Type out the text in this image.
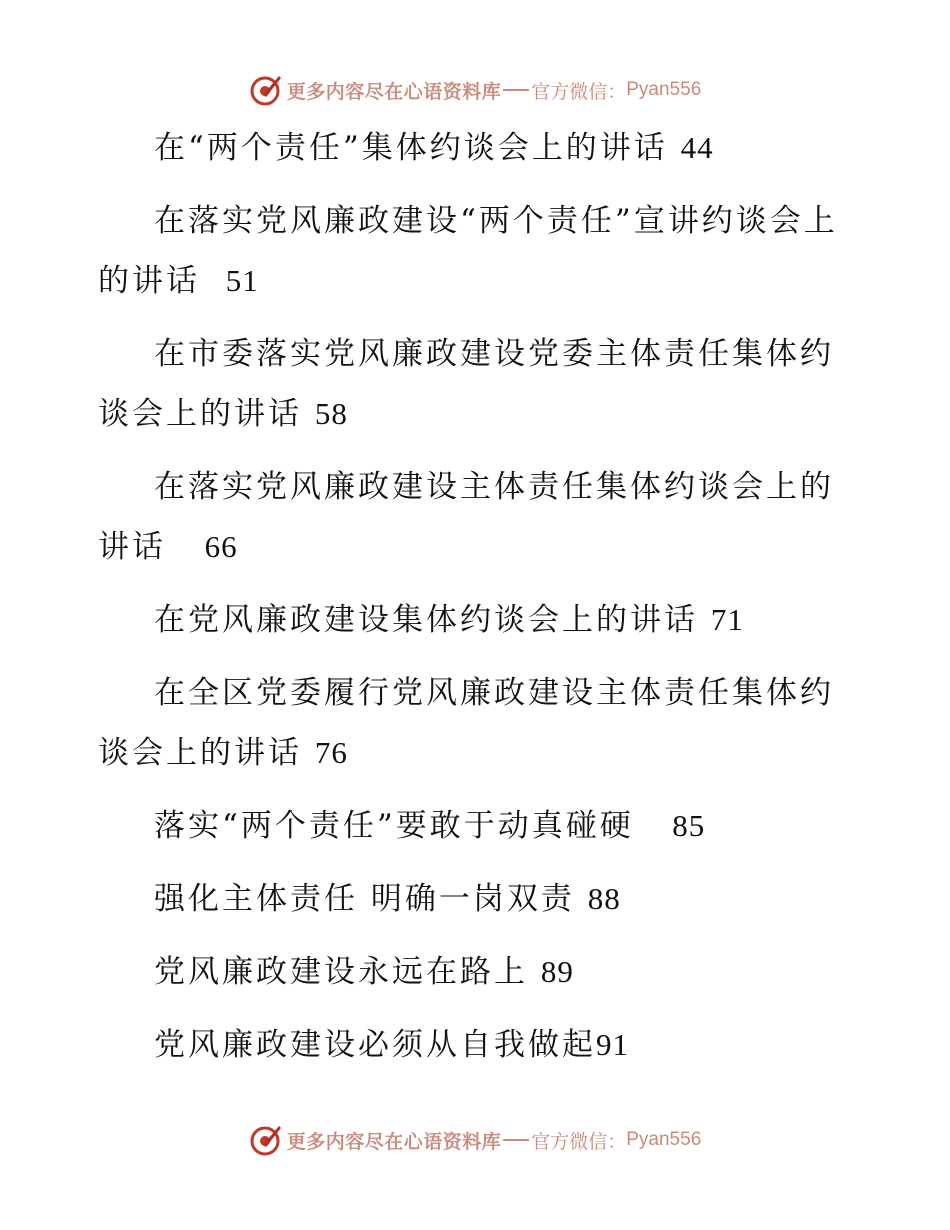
更多内容尽在心语资料库 官方微信： Pyan556
在“两个责任”集体约谈会上的讲话 44
在落实党风廉政建设“两个责任”宣讲约谈会上的讲话 51
在市委落实党风廉政建设党委主体责任集体约谈会上的讲话 58
在落实党风廉政建设主体责任集体约谈会上的讲话 66
在党风廉政建设集体约谈会上的讲话 71
在全区党委履行党风廉政建设主体责任集体约谈会上的讲话 76
落实“两个责任”要敢于动真碰硬 85
强化主体责任 明确一岗双责 88
党风廉政建设永远在路上 89
党风廉政建设必须从自我做起91
更多内容尽在心语资料库 官方微信： Pyan556
